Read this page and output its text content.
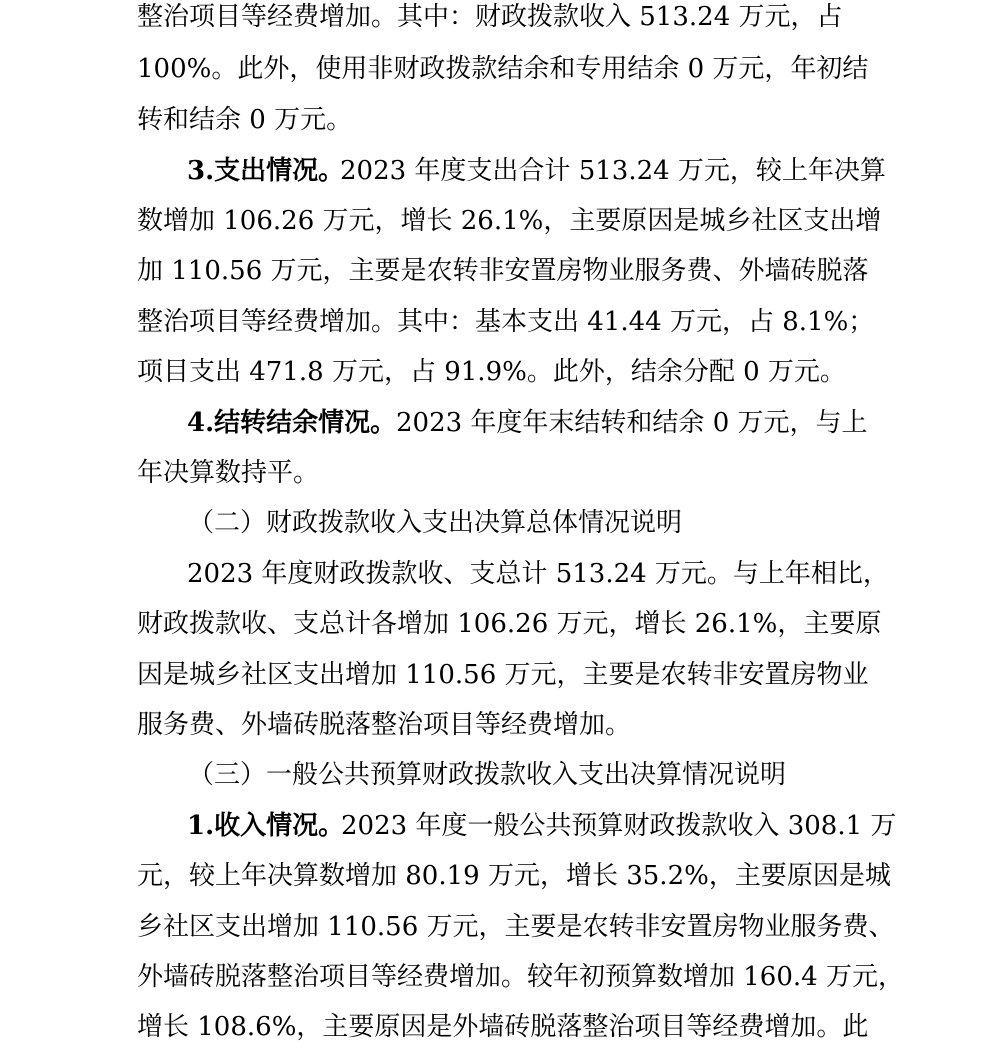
整治项目等经费增加。其中：财政拨款收入 513.24 万元，占
100%。此外，使用非财政拨款结余和专用结余 0 万元，年初结
转和结余 0 万元。
3.支出情况。
2023 年度支出合计 513.24 万元，较上年决算
数增加 106.26 万元，增长 26.1%，主要原因是城乡社区支出增
加 110.56 万元，主要是农转非安置房物业服务费、外墙砖脱落
整治项目等经费增加。其中：基本支出 41.44 万元，占 8.1%；
项目支出 471.8 万元，占 91.9%。此外，结余分配 0 万元。
4.结转结余情况。 2023 年度年末结转和结余 0 万元，与上
年决算数持平。
（二）财政拨款收入支出决算总体情况说明
2023 年度财政拨款收、支总计 513.24 万元。与上年相比，
财政拨款收、支总计各增加 106.26 万元，增长 26.1%，主要原
因是城乡社区支出增加 110.56 万元，主要是农转非安置房物业
服务费、外墙砖脱落整治项目等经费增加。
（三）一般公共预算财政拨款收入支出决算情况说明
1.收入情况。
2023 年度一般公共预算财政拨款收入 308.1 万
元，较上年决算数增加 80.19 万元，增长 35.2%，主要原因是城
乡社区支出增加 110.56 万元，主要是农转非安置房物业服务费、
外墙砖脱落整治项目等经费增加。较年初预算数增加 160.4 万元，
增长 108.6%，主要原因是外墙砖脱落整治项目等经费增加。此
